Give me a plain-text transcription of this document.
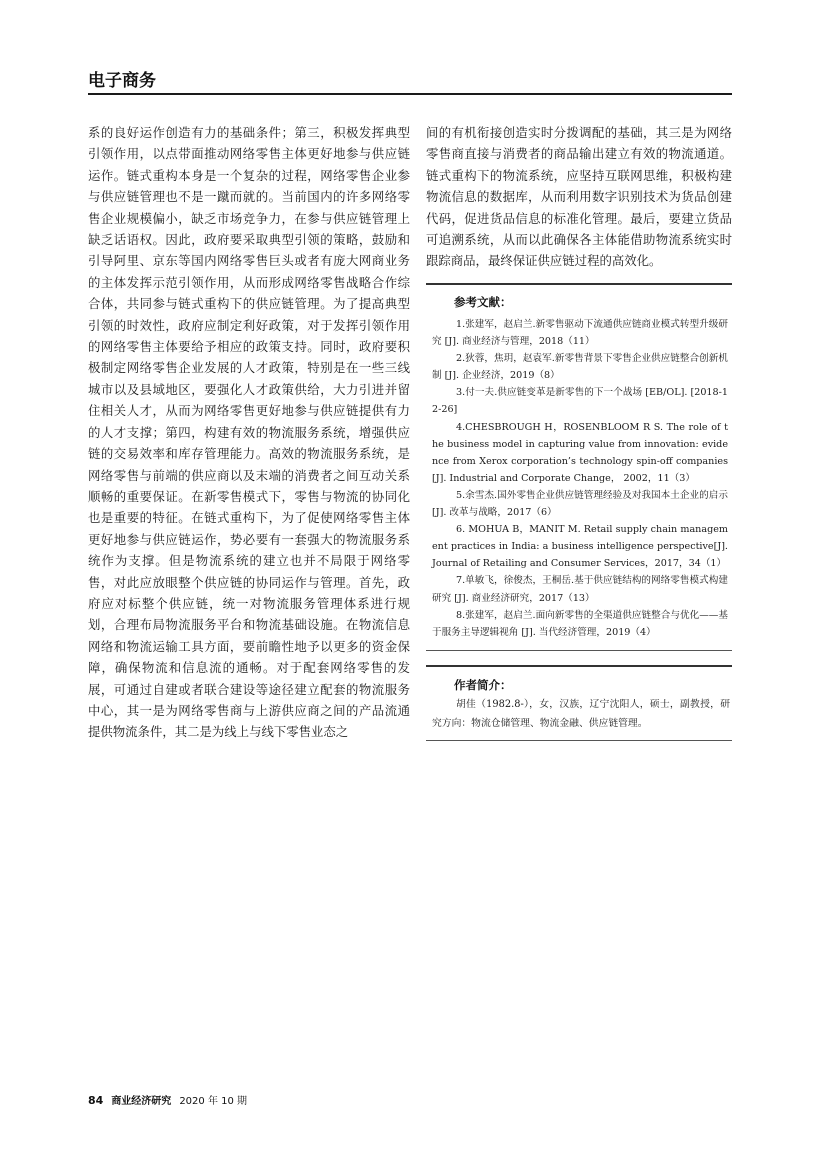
电子商务

系的良好运作创造有力的基础条件；第三，积极发挥典型引领作用，以点带面推动网络零售主体更好地参与供应链运作。链式重构本身是一个复杂的过程，网络零售企业参与供应链管理也不是一蹴而就的。当前国内的许多网络零售企业规模偏小，缺乏市场竞争力，在参与供应链管理上缺乏话语权。因此，政府要采取典型引领的策略，鼓励和引导阿里、京东等国内网络零售巨头或者有庞大网商业务的主体发挥示范引领作用，从而形成网络零售战略合作综合体，共同参与链式重构下的供应链管理。为了提高典型引领的时效性，政府应制定利好政策，对于发挥引领作用的网络零售主体要给予相应的政策支持。同时，政府要积极制定网络零售企业发展的人才政策，特别是在一些三线城市以及县域地区，要强化人才政策供给，大力引进并留住相关人才，从而为网络零售更好地参与供应链提供有力的人才支撑；第四，构建有效的物流服务系统，增强供应链的交易效率和库存管理能力。高效的物流服务系统，是网络零售与前端的供应商以及末端的消费者之间互动关系顺畅的重要保证。在新零售模式下，零售与物流的协同化也是重要的特征。在链式重构下，为了促使网络零售主体更好地参与供应链运作，势必要有一套强大的物流服务系统作为支撑。但是物流系统的建立也并不局限于网络零售，对此应放眼整个供应链的协同运作与管理。首先，政府应对标整个供应链，统一对物流服务管理体系进行规划，合理布局物流服务平台和物流基础设施。在物流信息网络和物流运输工具方面，要前瞻性地予以更多的资金保障，确保物流和信息流的通畅。对于配套网络零售的发展，可通过自建或者联合建设等途径建立配套的物流服务中心，其一是为网络零售商与上游供应商之间的产品流通提供物流条件，其二是为线上与线下零售业态之

间的有机衔接创造实时分拨调配的基础，其三是为网络零售商直接与消费者的商品输出建立有效的物流通道。链式重构下的物流系统，应坚持互联网思维，积极构建物流信息的数据库，从而利用数字识别技术为货品创建代码，促进货品信息的标准化管理。最后，要建立货品可追溯系统，从而以此确保各主体能借助物流系统实时跟踪商品，最终保证供应链过程的高效化。

参考文献：
1.张建军，赵启兰.新零售驱动下流通供应链商业模式转型升级研究 [J]. 商业经济与管理，2018（11）
2.狄蓉，焦玥，赵袁军.新零售背景下零售企业供应链整合创新机制 [J]. 企业经济，2019（8）
3.付一夫.供应链变革是新零售的下一个战场 [EB/OL]. [2018-12-26]
4.CHESBROUGH H，ROSENBLOOM R S. The role of the business model in capturing value from innovation: evidence from Xerox corporation’s technology spin-off companies[J]. Industrial and Corporate Change， 2002，11（3）
5.余雪杰.国外零售企业供应链管理经验及对我国本土企业的启示 [J]. 改革与战略，2017（6）
6. MOHUA B，MANIT M. Retail supply chain management practices in India: a business intelligence perspective[J]. Journal of Retailing and Consumer Services，2017，34（1）
7.单敏飞，徐俊杰，王桐岳.基于供应链结构的网络零售模式构建研究 [J]. 商业经济研究，2017（13）
8.张建军，赵启兰.面向新零售的全渠道供应链整合与优化——基于服务主导逻辑视角 [J]. 当代经济管理，2019（4）
作者简介：

胡佳（1982.8-），女，汉族，辽宁沈阳人，硕士，副教授，研究方向：物流仓储管理、物流金融、供应链管理。

84 商业经济研究 2020 年 10 期
